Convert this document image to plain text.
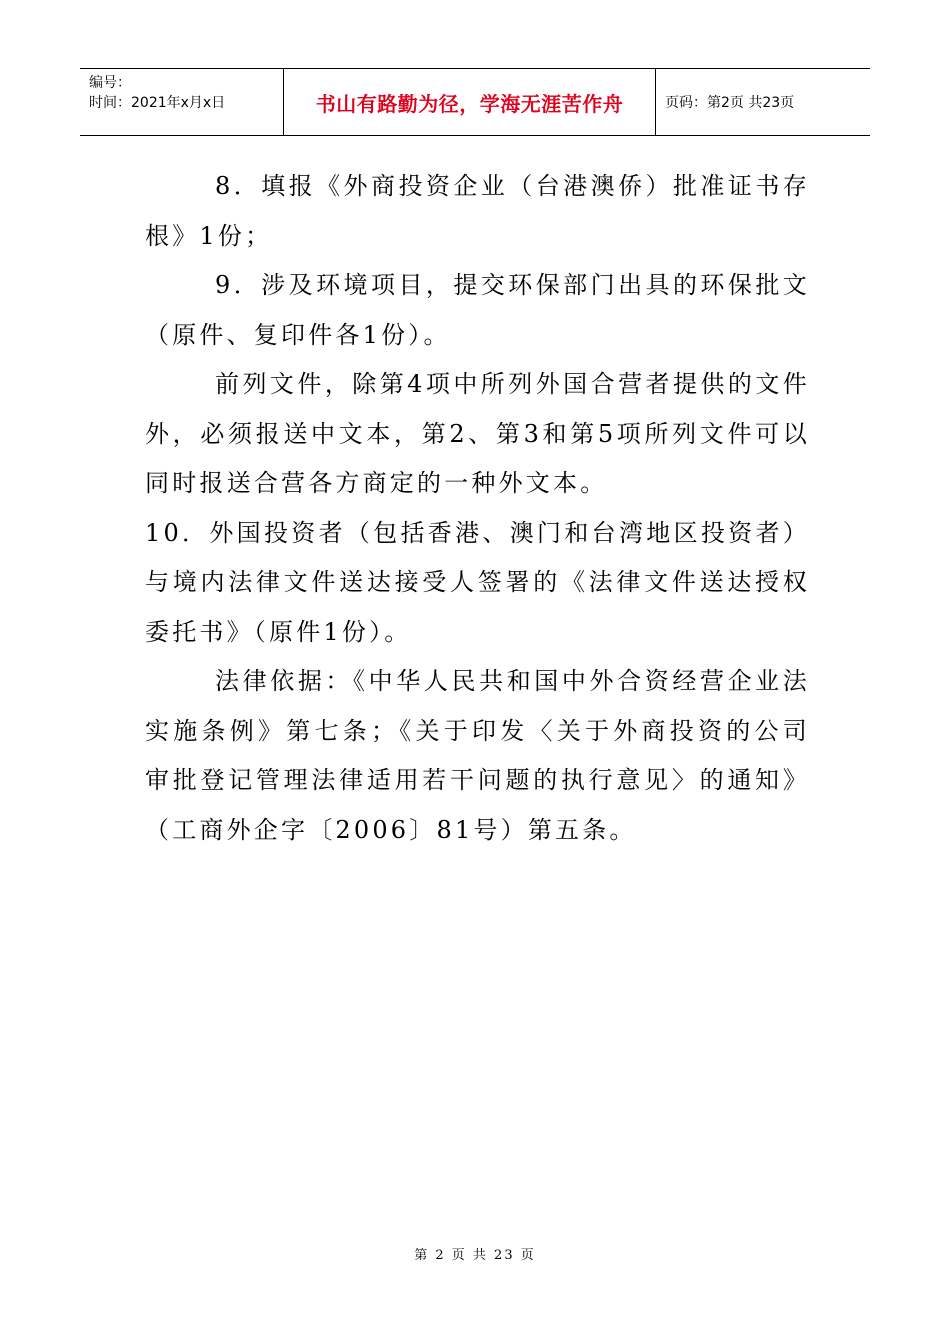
编号：
时间：2021年x月x日	书山有路勤为径，学海无涯苦作舟	页码：第2页 共23页

8．填报《外商投资企业（台港澳侨）批准证书存根》1份；

9．涉及环境项目，提交环保部门出具的环保批文（原件、复印件各1份）。

前列文件，除第4项中所列外国合营者提供的文件外，必须报送中文本，第2、第3和第5项所列文件可以同时报送合营各方商定的一种外文本。

10．外国投资者（包括香港、澳门和台湾地区投资者）与境内法律文件送达接受人签署的《法律文件送达授权委托书》（原件1份）。

法律依据：《中华人民共和国中外合资经营企业法实施条例》第七条；《关于印发〈关于外商投资的公司审批登记管理法律适用若干问题的执行意见〉的通知》（工商外企字〔2006〕81号）第五条。

第 2 页 共 23 页
